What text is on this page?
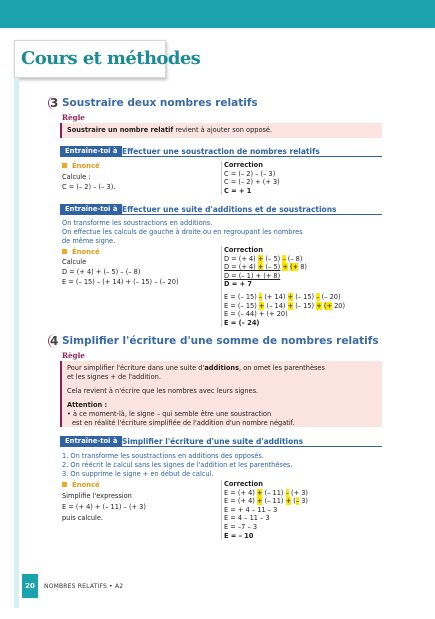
Cours et méthodes
3 Soustraire deux nombres relatifs
Règle
Soustraire un nombre relatif revient à ajouter son opposé.
Entraîne-toi à Effectuer une soustraction de nombres relatifs
Énoncé
Calcule :
C = (– 2) – (– 3).
Correction
C = (– 2) – (– 3)
C = (– 2) + (+ 3)
C = + 1
Entraîne-toi à Effectuer une suite d'additions et de soustractions
On transforme les soustractions en additions.
On effectue les calculs de gauche à droite ou en regroupant les nombres
de même signe.
Énoncé
Calcule
D = (+ 4) + (– 5) – (– 8)
E = (– 15) – (+ 14) + (– 15) – (– 20)
Correction
D = (+ 4) + (– 5) – (– 8)
D = (+ 4) + (– 5) + (+ 8)
D = (– 1) + (+ 8)
D = + 7
E = (– 15) – (+ 14) + (– 15) – (– 20)
E = (– 15) + (– 14) + (– 15) + (+ 20)
E = (– 44) + (+ 20)
E = (– 24)
4 Simplifier l'écriture d'une somme de nombres relatifs
Règle
Pour simplifier l'écriture dans une suite d'additions, on omet les parenthèses
et les signes + de l'addition.
Cela revient à n'écrire que les nombres avec leurs signes.
Attention :
• à ce moment-là, le signe – qui semble être une soustraction
est en réalité l'écriture simplifiée de l'addition d'un nombre négatif.
Entraîne-toi à Simplifier l'écriture d'une suite d'additions
1. On transforme les soustractions en additions des opposés.
2. On réécrit le calcul sans les signes de l'addition et les parenthèses.
3. On supprime le signe + en début de calcul.
Énoncé
Simplifie l'expression
E = (+ 4) + (– 11) – (+ 3)
puis calcule.
Correction
E = (+ 4) + (– 11) – (+ 3)
E = (+ 4) + (– 11) + (– 3)
E = + 4 – 11 – 3
E = 4 – 11 – 3
E = –7 – 3
E = – 10
20	NOMBRES RELATIFS • A2
